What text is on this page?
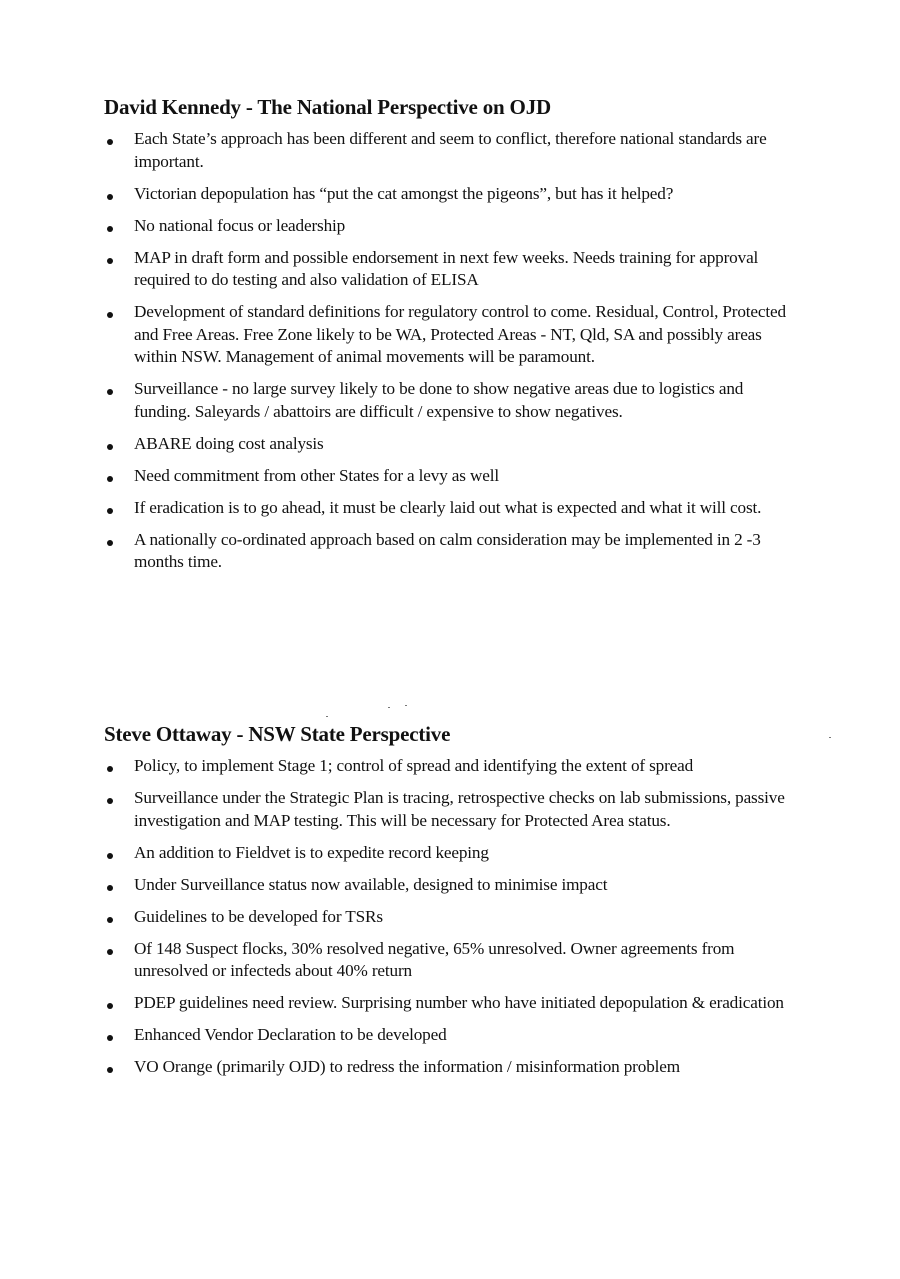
David Kennedy - The National Perspective on OJD
Each State’s approach has been different and seem to conflict, therefore national standards are important.
Victorian depopulation has “put the cat amongst the pigeons”, but has it helped?
No national focus or leadership
MAP in draft form and possible endorsement in next few weeks. Needs training for approval required to do testing and also validation of ELISA
Development of standard definitions for regulatory control to come. Residual, Control, Protected and Free Areas. Free Zone likely to be WA, Protected Areas - NT, Qld, SA and possibly areas within NSW. Management of animal movements will be paramount.
Surveillance - no large survey likely to be done to show negative areas due to logistics and funding. Saleyards / abattoirs are difficult / expensive to show negatives.
ABARE doing cost analysis
Need commitment from other States for a levy as well
If eradication is to go ahead, it must be clearly laid out what is expected and what it will cost.
A nationally co-ordinated approach based on calm consideration may be implemented in 2 -3 months time.
Steve Ottaway - NSW State Perspective
Policy, to implement Stage 1; control of spread and identifying the extent of spread
Surveillance under the Strategic Plan is tracing, retrospective checks on lab submissions, passive investigation and MAP testing. This will be necessary for Protected Area status.
An addition to Fieldvet is to expedite record keeping
Under Surveillance status now available, designed to minimise impact
Guidelines to be developed for TSRs
Of 148 Suspect flocks, 30% resolved negative, 65% unresolved. Owner agreements from unresolved or infecteds about 40% return
PDEP guidelines need review. Surprising number who have initiated depopulation & eradication
Enhanced Vendor Declaration to be developed
VO Orange (primarily OJD) to redress the information / misinformation problem
